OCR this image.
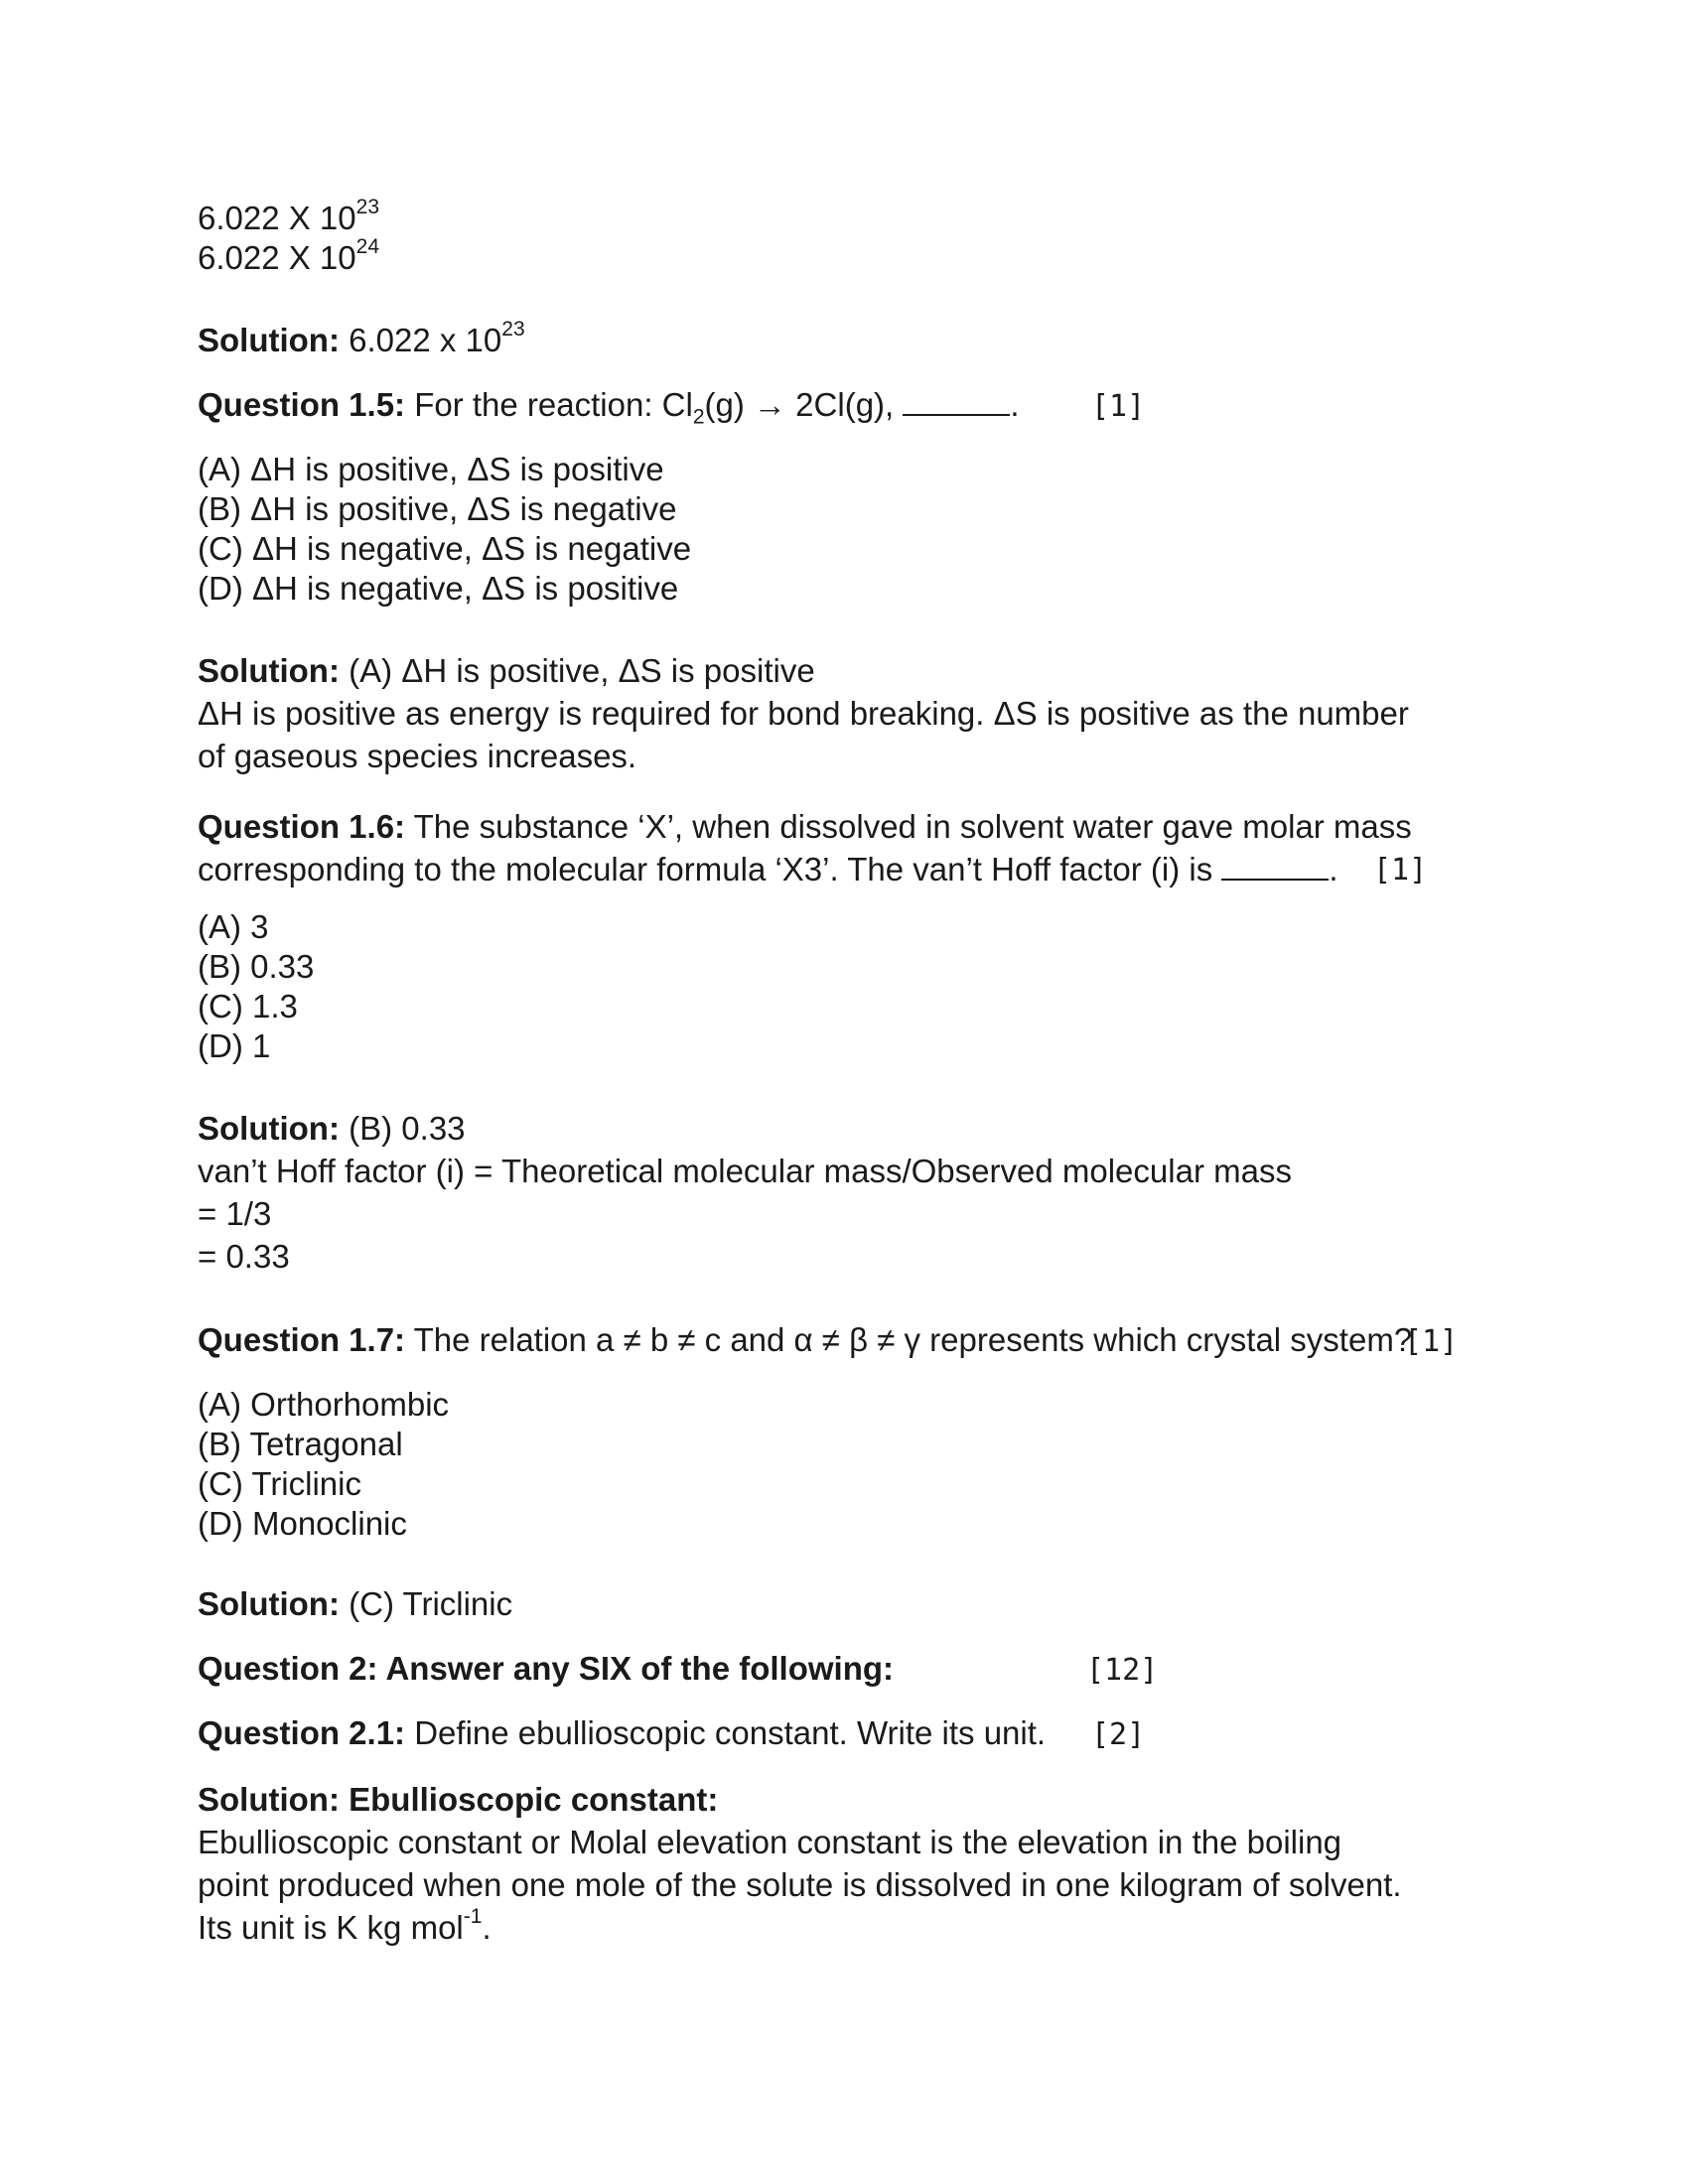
6.022 X $10^{23}$
6.022 X $10^{24}$
Solution: 6.022 x $10^{23}$
Question 1.5: For the reaction: $Cl_2(g) \to 2Cl(g)$,	. [1]
(A) ΔH is positive, ΔS is positive
(B) ΔH is positive, ΔS is negative
(C) ΔH is negative, ΔS is negative
(D) ΔH is negative, ΔS is positive
Solution: (A) ΔH is positive, ΔS is positive
ΔH is positive as energy is required for bond breaking. ΔS is positive as the number
of gaseous species increases.
Question 1.6: The substance ‘X’, when dissolved in solvent water gave molar mass
corresponding to the molecular formula ‘X3’. The van’t Hoff factor (i) is	.	[1]
(A) 3
(B) 0.33
(C) 1.3
(D) 1
Solution: (B) 0.33
van’t Hoff factor (i) = Theoretical molecular mass/Observed molecular mass
= 1/3
= 0.33
Question 1.7: The relation a ≠ b ≠ c and α ≠ β ≠ γ represents which crystal system?
[1]
(A) Orthorhombic
(B) Tetragonal
(C) Triclinic
(D) Monoclinic
Solution: (C) Triclinic
Question 2: Answer any SIX of the following:	[12]
Question 2.1: Define ebullioscopic constant. Write its unit. [2]
Solution: Ebullioscopic constant:
Ebullioscopic constant or Molal elevation constant is the elevation in the boiling
point produced when one mole of the solute is dissolved in one kilogram of solvent.
Its unit is K kg mol$^{-1}$.
